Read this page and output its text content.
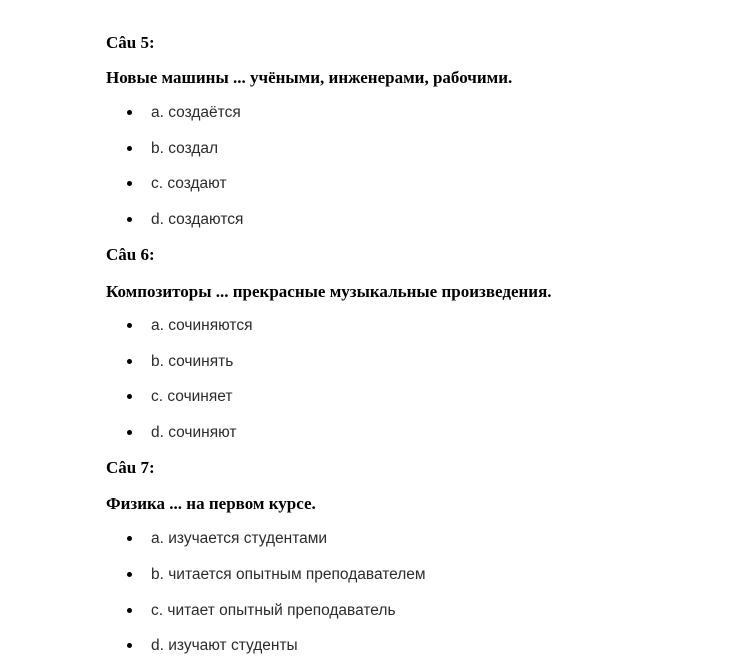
Câu 5:
Новые машины ... учёными, инженерами, рабочими.
a. создаётся
b. создал
c. создают
d. создаются
Câu 6:
Композиторы ... прекрасные музыкальные произведения.
a. сочиняются
b. сочинять
c. сочиняет
d. сочиняют
Câu 7:
Физика ... на первом курсе.
a. изучается студентами
b. читается опытным преподавателем
c. читает опытный преподаватель
d. изучают студенты
